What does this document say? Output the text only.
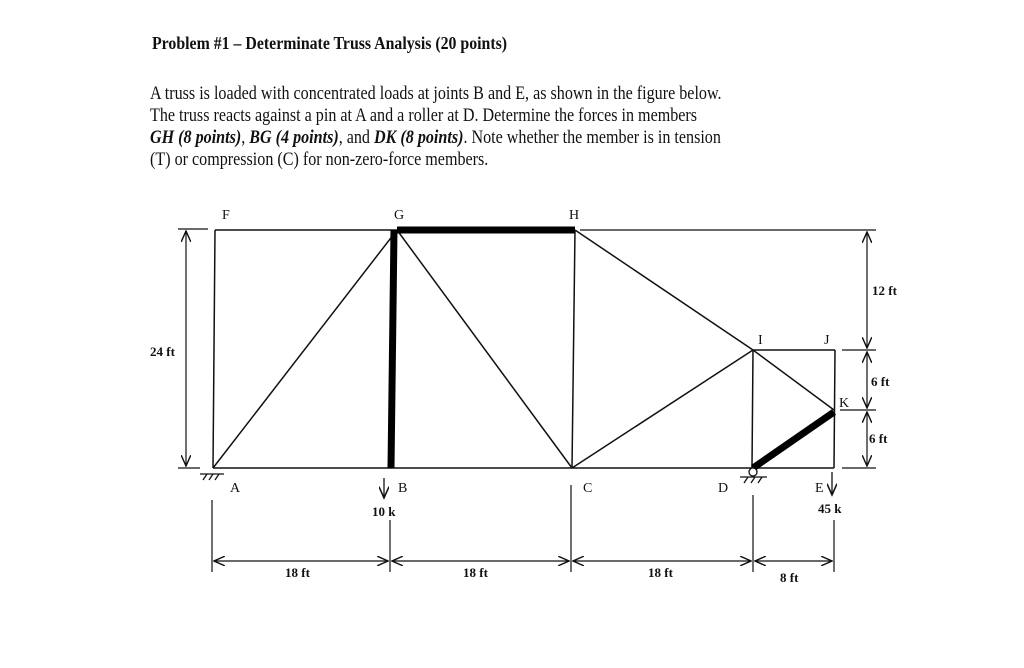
Problem #1 – Determinate Truss Analysis (20 points)
A truss is loaded with concentrated loads at joints B and E, as shown in the figure below.
The truss reacts against a pin at A and a roller at D. Determine the forces in members
GH (8 points), BG (4 points), and DK (8 points). Note whether the member is in tension
(T) or compression (C) for non-zero-force members.
F	G	H
I	J
K
A	B	C	D	E
10 k	45 k
24 ft
12 ft
6 ft
6 ft
18 ft	18 ft	18 ft	8 ft
